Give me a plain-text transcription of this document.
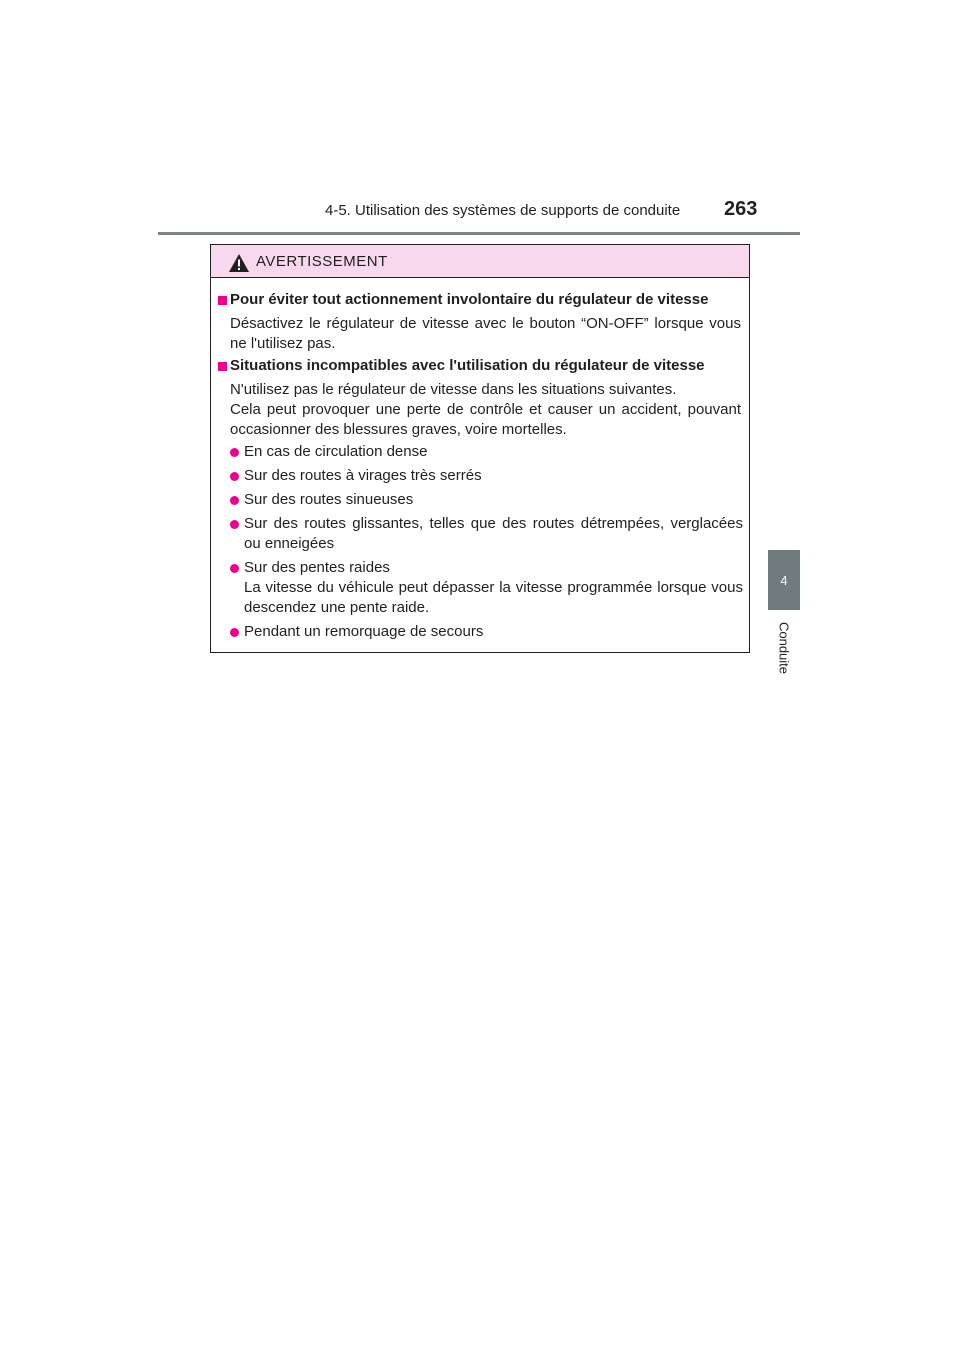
4-5. Utilisation des systèmes de supports de conduite 263
4
Conduite
AVERTISSEMENT
Pour éviter tout actionnement involontaire du régulateur de vitesse
Désactivez le régulateur de vitesse avec le bouton “ON-OFF” lorsque vous
ne l'utilisez pas.
Situations incompatibles avec l'utilisation du régulateur de vitesse
N'utilisez pas le régulateur de vitesse dans les situations suivantes.
Cela peut provoquer une perte de contrôle et causer un accident, pouvant
occasionner des blessures graves, voire mortelles.
En cas de circulation dense
Sur des routes à virages très serrés
Sur des routes sinueuses
Sur des routes glissantes, telles que des routes détrempées, verglacées
ou enneigées
Sur des pentes raides
La vitesse du véhicule peut dépasser la vitesse programmée lorsque vous
descendez une pente raide.
Pendant un remorquage de secours
